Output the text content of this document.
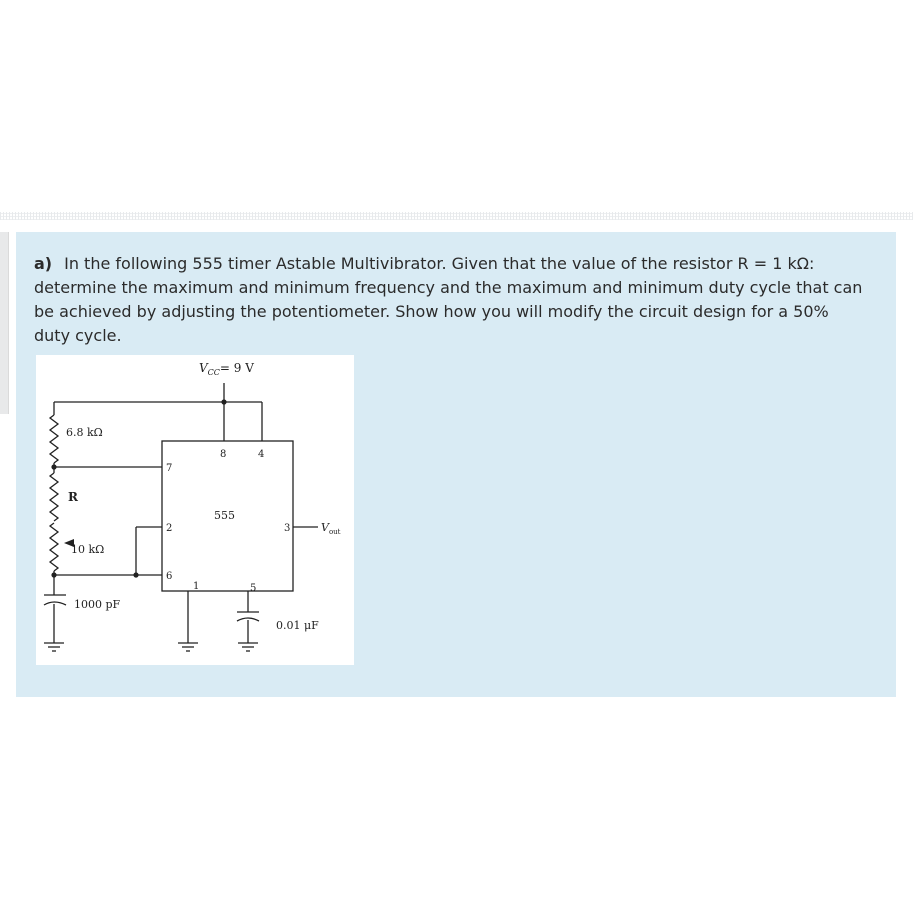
a) In the following 555 timer Astable Multivibrator. Given that the value of the resistor R = 1 kΩ: determine the maximum and minimum frequency and the maximum and minimum duty cycle that can be achieved by adjusting the potentiometer. Show how you will modify the circuit design for a 50% duty cycle.

$V_{CC}= 9$ V
6.8 kΩ
R
10 kΩ
1000 pF
0.01 μF
555
8	4
7
2
6
1	5
3	$V_{out}$
